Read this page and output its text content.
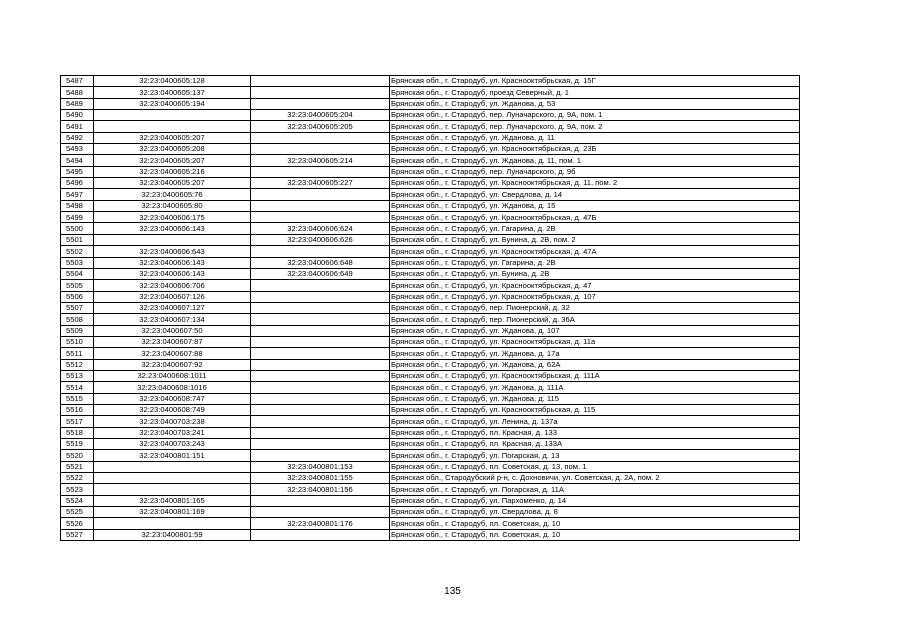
5487	32:23:0400605:128		Брянская обл., г. Стародуб, ул. Краснооктябрьская, д. 15Г
5488	32:23:0400605:137		Брянская обл., г. Стародуб, проезд Северный, д. 1
5489	32:23:0400605:194		Брянская обл., г. Стародуб, ул. Жданова, д. 53
5490		32:23:0400605:204	Брянская обл., г. Стародуб, пер. Луначарского, д. 9А, пом. 1
5491		32:23:0400605:205	Брянская обл., г. Стародуб, пер. Луначарского, д. 9А, пом. 2
5492	32:23:0400605:207		Брянская обл., г. Стародуб, ул. Жданова, д. 11
5493	32:23:0400605:208		Брянская обл., г. Стародуб, ул. Краснооктябрьская, д. 23Б
5494	32:23:0400605:207	32:23:0400605:214	Брянская обл., г. Стародуб, ул. Жданова, д. 11, пом. 1
5495	32:23:0400605:216		Брянская обл., г. Стародуб, пер. Луначарского, д. 9б
5496	32:23:0400605:207	32:23:0400605:227	Брянская обл., г. Стародуб, ул. Краснооктябрьская, д. 11, пом. 2
5497	32:23:0400605:76		Брянская обл., г. Стародуб, ул. Свердлова, д. 14
5498	32:23:0400605:80		Брянская обл., г. Стародуб, ул. Жданова, д. 15
5499	32:23:0400606:175		Брянская обл., г. Стародуб, ул. Краснооктябрьская, д. 47Б
5500	32:23:0400606:143	32:23:0400606:624	Брянская обл., г. Стародуб, ул. Гагарина, д. 2В
5501		32:23:0400606:626	Брянская обл., г. Стародуб, ул. Бунина, д. 2В, пом. 2
5502	32:23:0400606:643		Брянская обл., г. Стародуб, ул. Краснооктябрьская, д. 47А
5503	32:23:0400606:143	32:23:0400606:648	Брянская обл., г. Стародуб, ул. Гагарина, д. 2В
5504	32:23:0400606:143	32:23:0400606:649	Брянская обл., г. Стародуб, ул. Бунина, д. 2В
5505	32:23:0400606:706		Брянская обл., г. Стародуб, ул. Краснооктябрьская, д. 47
5506	32:23:0400607:126		Брянская обл., г. Стародуб, ул. Краснооктябрьская, д. 107
5507	32:23:0400607:127		Брянская обл., г. Стародуб, пер. Пионерский, д. 32
5508	32:23:0400607:134		Брянская обл., г. Стародуб, пер. Пионерский, д. 36А
5509	32:23:0400607:50		Брянская обл., г. Стародуб, ул. Жданова, д. 107
5510	32:23:0400607:87		Брянская обл., г. Стародуб, ул. Краснооктябрьская, д. 11а
5511	32:23:0400607:88		Брянская обл., г. Стародуб, ул. Жданова, д. 17а
5512	32:23:0400607:92		Брянская обл., г. Стародуб, ул. Жданова, д. 62А
5513	32:23:0400608:1011		Брянская обл., г. Стародуб, ул. Краснооктябрьская, д. 111А
5514	32:23:0400608:1016		Брянская обл., г. Стародуб, ул. Жданова, д. 111А
5515	32:23:0400608:747		Брянская обл., г. Стародуб, ул. Жданова, д. 115
5516	32:23:0400608:749		Брянская обл., г. Стародуб, ул. Краснооктябрьская, д. 115
5517	32:23:0400703:238		Брянская обл., г. Стародуб, ул. Ленина, д. 137а
5518	32:23:0400703:241		Брянская обл., г. Стародуб, пл. Красная, д. 133
5519	32:23:0400703:243		Брянская обл., г. Стародуб, пл. Красная, д. 133А
5520	32:23:0400801:151		Брянская обл., г. Стародуб, ул. Погарская, д. 13
5521		32:23:0400801:153	Брянская обл., г. Стародуб, пл. Советская, д. 13, пом. 1
5522		32:23:0400801:155	Брянская обл., Стародубский р-н, с. Дохновичи, ул. Советская, д. 2А, пом. 2
5523		32:23:0400801:156	Брянская обл., г. Стародуб, ул. Погарская, д. 11А
5524	32:23:0400801:165		Брянская обл., г. Стародуб, ул. Пархоменко, д. 14
5525	32:23:0400801:169		Брянская обл., г. Стародуб, ул. Свердлова, д. 8
5526		32:23:0400801:176	Брянская обл., г. Стародуб, пл. Советская, д. 10
5527	32:23:0400801:59		Брянская обл., г. Стародуб, пл. Советская, д. 10
135
